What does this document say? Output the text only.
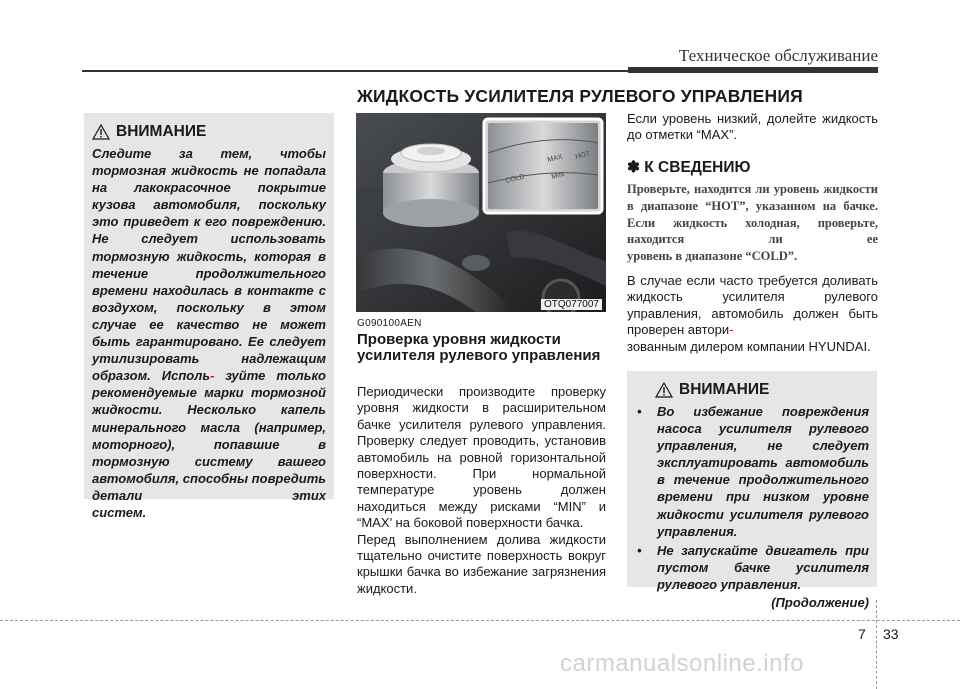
Техническое обслуживание
ЖИДКОСТЬ УСИЛИТЕЛЯ РУЛЕВОГО УПРАВЛЕНИЯ
ВНИМАНИЕ
Следите за тем, чтобы тормозная жидкость не попадала на лакокрасочное покрытие кузова автомобиля, поскольку это приведет к его повреждению. Не следует использовать тормозную жидкость, которая в течение продолжительного времени находилась в контакте с воздухом, поскольку в этом случае ее качество не может быть гарантировано. Ее следует утилизировать надлежащим образом. Исполь- зуйте только рекомендуемые марки тормозной жидкости. Несколько капель минерального масла (например, моторного), попавшие в тормозную систему вашего автомобиля, способны повредить детали этих
систем.
MAX HOT
MIN
COLD
OTQ077007
G090100AEN
Проверка уровня жидкости усилителя рулевого управления

Периодически производите проверку уровня жидкости в расширительном бачке усилителя рулевого управления. Проверку следует проводить, установив автомобиль на ровной горизонтальной поверхности. При нормальной температуре уровень должен находиться между рисками “MIN” и “MAX’ на боковой поверхности бачка.

Перед выполнением долива жидкости тщательно очистите поверхность вокруг крышки бачка во избежание загрязнения жидкости.

Если уровень низкий, долейте жидкость до отметки “MAX”.
✽ К СВЕДЕНИЮ
Проверьте, находится ли уровень жидкости в диапазоне “HOT”, указанном на бачке. Если жидкость холодная, проверьте, находится ли ее
уровень в диапазоне “COLD”.
В случае если часто требуется доливать жидкость усилителя рулевого управления, автомобиль должен быть проверен автори-
зованным дилером компании HYUNDAI.
ВНИМАНИЕ
• Во избежание повреждения насоса усилителя рулевого управления, не следует эксплуатировать автомобиль в течение продолжительного времени при низком уровне жидкости усилителя рулевого управления.
• Не запускайте двигатель при пустом бачке усилителя рулевого управления.
(Продолжение)
7 33
carmanualsonline.info
